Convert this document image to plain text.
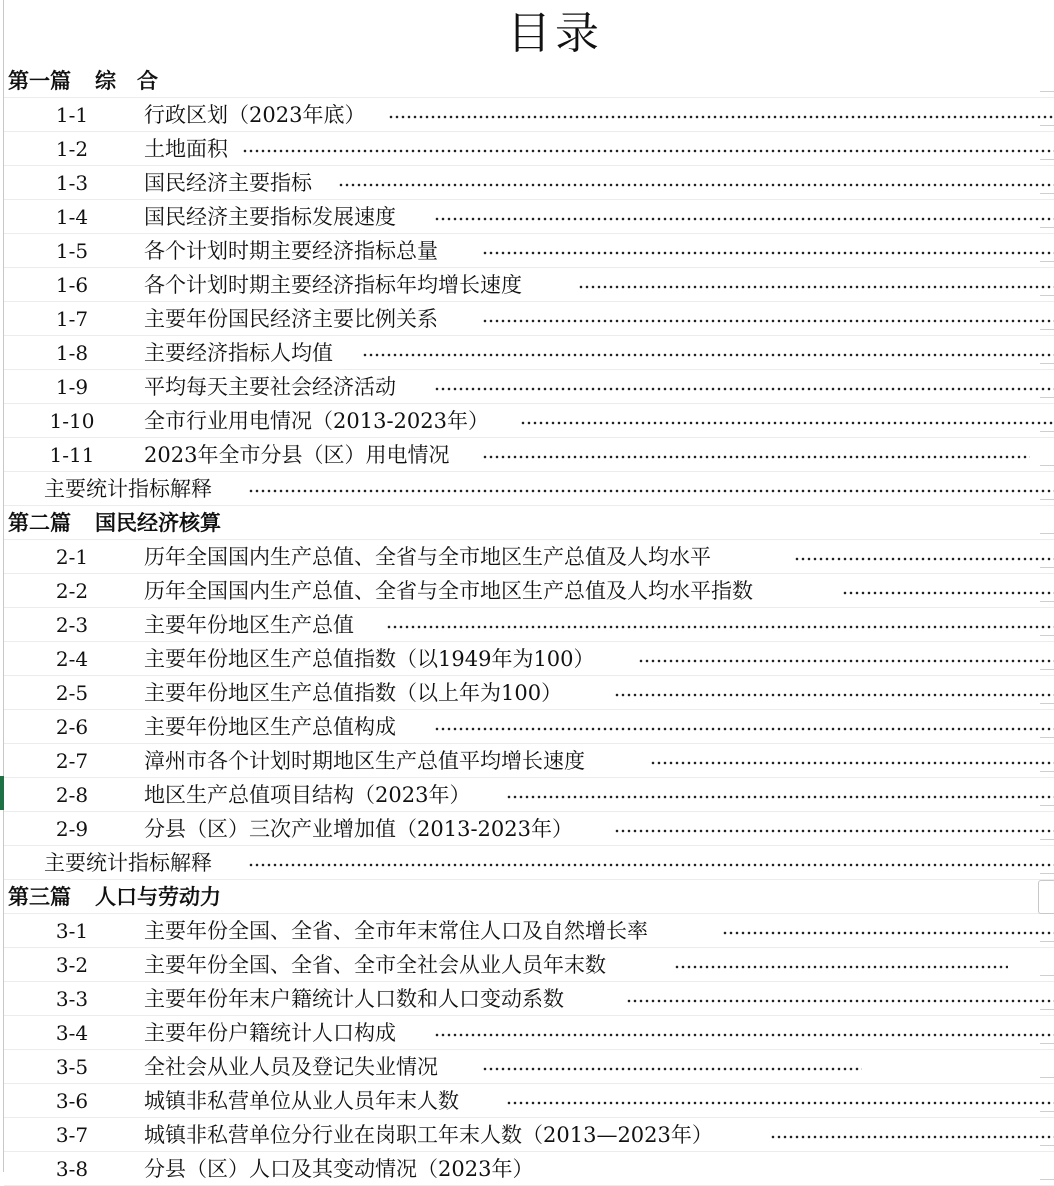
目录
第一篇 综　合
1-1	行政区划（2023年底）
1-2	土地面积
1-3	国民经济主要指标
1-4	国民经济主要指标发展速度
1-5	各个计划时期主要经济指标总量
1-6	各个计划时期主要经济指标年均增长速度
1-7	主要年份国民经济主要比例关系
1-8	主要经济指标人均值
1-9	平均每天主要社会经济活动
1-10	全市行业用电情况（2013-2023年）
1-11	2023年全市分县（区）用电情况
主要统计指标解释
第二篇 国民经济核算
2-1	历年全国国内生产总值、全省与全市地区生产总值及人均水平
2-2	历年全国国内生产总值、全省与全市地区生产总值及人均水平指数
2-3	主要年份地区生产总值
2-4	主要年份地区生产总值指数（以1949年为100）
2-5	主要年份地区生产总值指数（以上年为100）
2-6	主要年份地区生产总值构成
2-7	漳州市各个计划时期地区生产总值平均增长速度
2-8	地区生产总值项目结构（2023年）
2-9	分县（区）三次产业增加值（2013-2023年）
主要统计指标解释
第三篇 人口与劳动力
3-1	主要年份全国、全省、全市年末常住人口及自然增长率
3-2	主要年份全国、全省、全市全社会从业人员年末数
3-3	主要年份年末户籍统计人口数和人口变动系数
3-4	主要年份户籍统计人口构成
3-5	全社会从业人员及登记失业情况
3-6	城镇非私营单位从业人员年末人数
3-7	城镇非私营单位分行业在岗职工年末人数（2013—2023年）
3-8	分县（区）人口及其变动情况（2023年）
